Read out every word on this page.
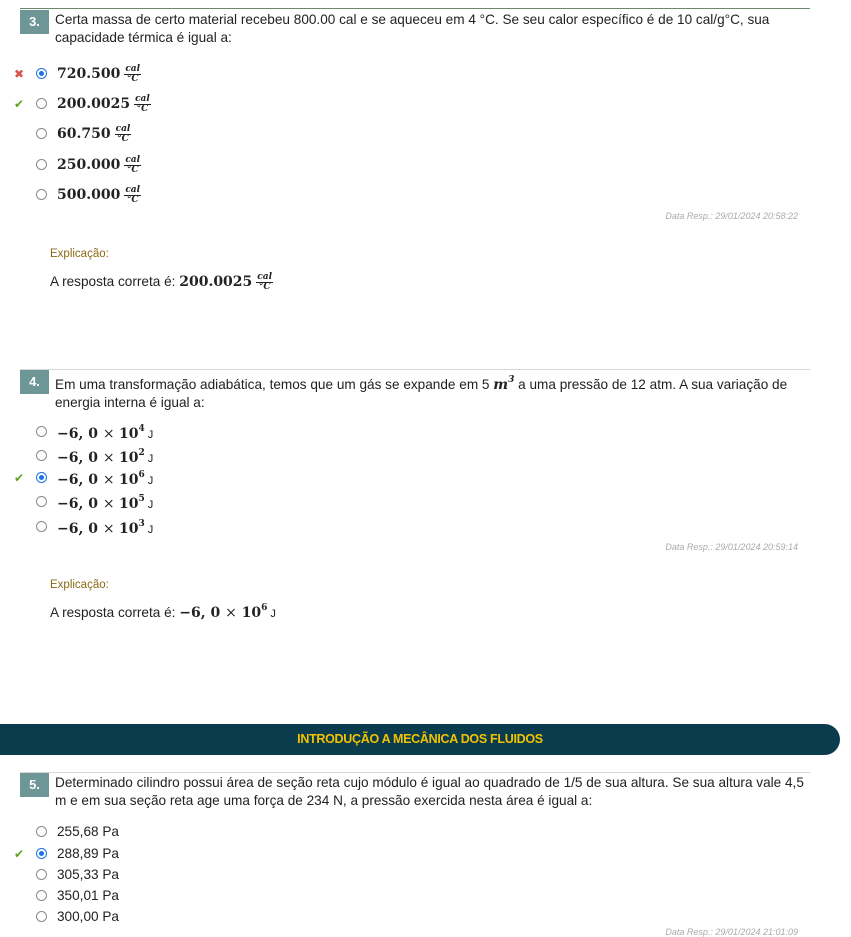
3.	Certa massa de certo material recebeu 800.00 cal e se aqueceu em 4 °C. Se seu calor específico é de 10 cal/g°C, sua capacidade térmica é igual a:
✖ $720.500 \frac{\text{cal}}{^\circ C}$
✔ $200.0025 \frac{\text{cal}}{^\circ C}$
$60.750 \frac{\text{cal}}{^\circ C}$
$250.000 \frac{\text{cal}}{^\circ C}$
$500.000 \frac{\text{cal}}{^\circ C}$
Data Resp.: 29/01/2024 20:58:22
Explicação:
A resposta correta é: $200.0025 \frac{\text{cal}}{^\circ C}$
4.	Em uma transformação adiabática, temos que um gás se expande em 5 $m^3$ a uma pressão de 12 atm. A sua variação de energia interna é igual a:
−6, $0 \times 10^4$ J
−6, $0 \times 10^2$ J
✔ −6, $0 \times 10^6$ J
−6, $0 \times 10^5$ J
−6, $0 \times 10^3$ J
Data Resp.: 29/01/2024 20:59:14
Explicação:
A resposta correta é: −6, $0 \times 10^6$ J
INTRODUÇÃO A MECÂNICA DOS FLUIDOS
5.	Determinado cilindro possui área de seção reta cujo módulo é igual ao quadrado de 1/5 de sua altura. Se sua altura vale 4,5 m e em sua seção reta age uma força de 234 N, a pressão exercida nesta área é igual a:
255,68 Pa
✔ 288,89 Pa
305,33 Pa
350,01 Pa
300,00 Pa
Data Resp.: 29/01/2024 21:01:09
